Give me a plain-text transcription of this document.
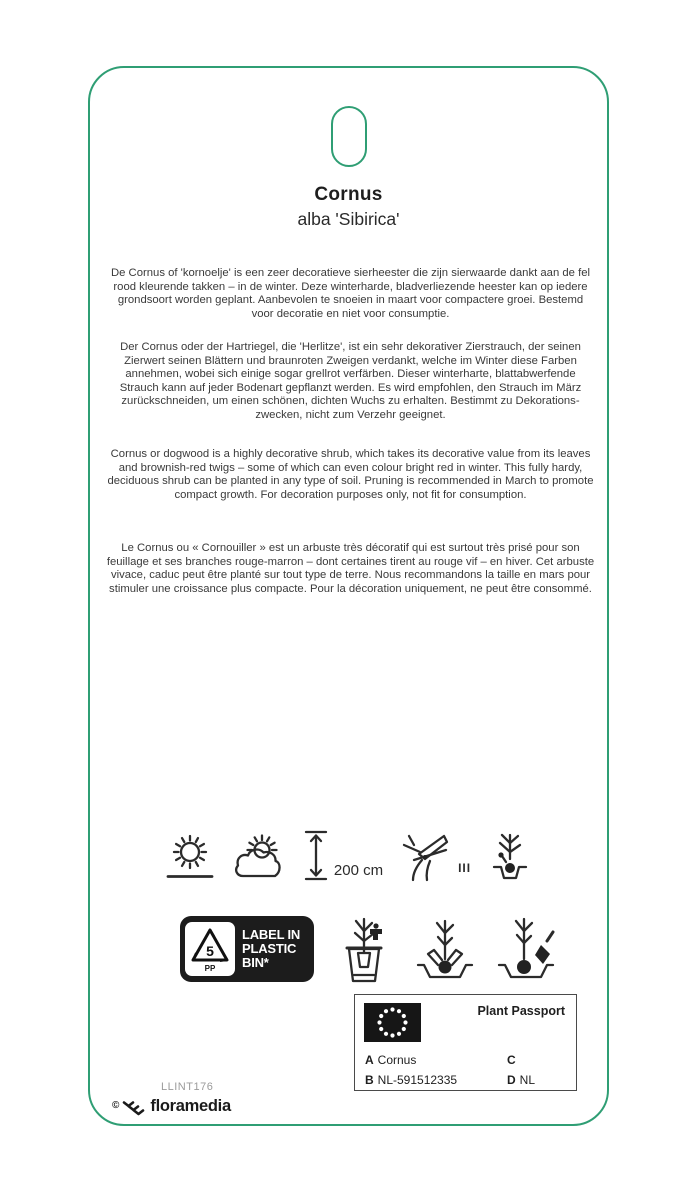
Cornus
alba 'Sibirica'

De Cornus of 'kornoelje' is een zeer decoratieve sierheester die zijn sierwaarde dankt aan de fel rood kleurende takken – in de winter. Deze winterharde, bladverliezende heester kan op iedere grondsoort worden geplant. Aanbevolen te snoeien in maart voor compactere groei. Bestemd voor decoratie en niet voor consumptie.

Der Cornus oder der Hartriegel, die 'Herlitze', ist ein sehr dekorativer Zierstrauch, der seinen Zierwert seinen Blättern und braunroten Zweigen verdankt, welche im Winter diese Farben annehmen, wobei sich einige sogar grellrot verfärben. Dieser winterharte, blattabwerfende Strauch kann auf jeder Bodenart gepflanzt werden. Es wird empfohlen, den Strauch im März zurückschneiden, um einen schönen, dichten Wuchs zu erhalten. Bestimmt zu Dekorations- zwecken, nicht zum Verzehr geeignet.

Cornus or dogwood is a highly decorative shrub, which takes its decorative value from its leaves and brownish-red twigs – some of which can even colour bright red in winter. This fully hardy, deciduous shrub can be planted in any type of soil. Pruning is recommended in March to promote compact growth. For decoration purposes only, not fit for consumption.

Le Cornus ou « Cornouiller » est un arbuste très décoratif qui est surtout très prisé pour son feuillage et ses branches rouge-marron – dont certaines tirent au rouge vif – en hiver. Cet arbuste vivace, caduc peut être planté sur tout type de terre. Nous recommandons la taille en mars pour stimuler une croissance plus compacte. Pour la décoration uniquement, ne peut être consommé.

200 cm	III
5
PP
LABEL IN
PLASTIC
BIN*
Plant Passport
A Cornus
B NL-591512335
C
D NL
LLINT176
© floramedia
